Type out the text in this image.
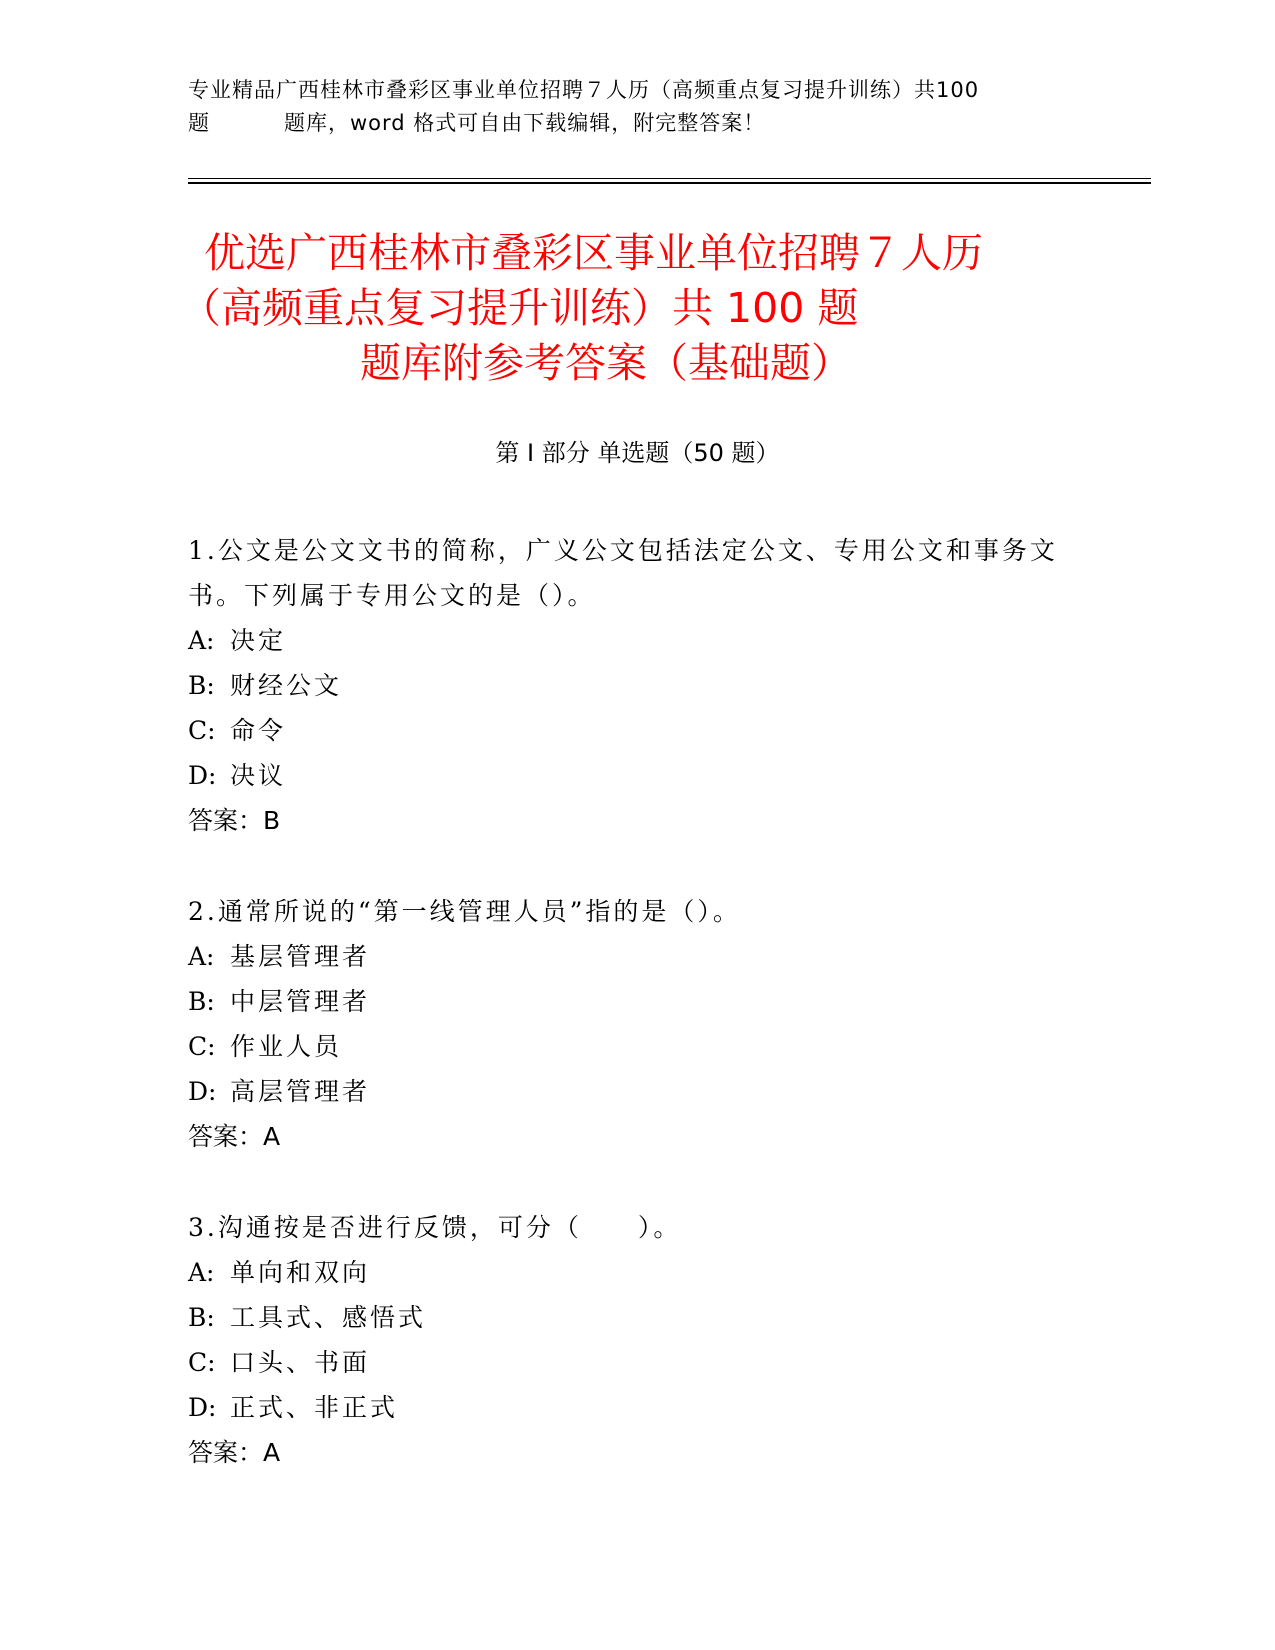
专业精品广西桂林市叠彩区事业单位招聘７人历（高频重点复习提升训练）共100
题	题库，word 格式可自由下载编辑，附完整答案！
优选广西桂林市叠彩区事业单位招聘７人历
（高频重点复习提升训练）共 100 题
题库附参考答案（基础题）
第 I 部分 单选题（50 题）
1.公文是公文文书的简称，广义公文包括法定公文、专用公文和事务文书。下列属于专用公文的是（）。
A: 决定
B: 财经公文
C: 命令
D: 决议
答案：B
2.通常所说的“第一线管理人员”指的是（）。
A: 基层管理者
B: 中层管理者
C: 作业人员
D: 高层管理者
答案：A
3.沟通按是否进行反馈，可分（　　）。
A: 单向和双向
B: 工具式、感悟式
C: 口头、书面
D: 正式、非正式
答案：A
